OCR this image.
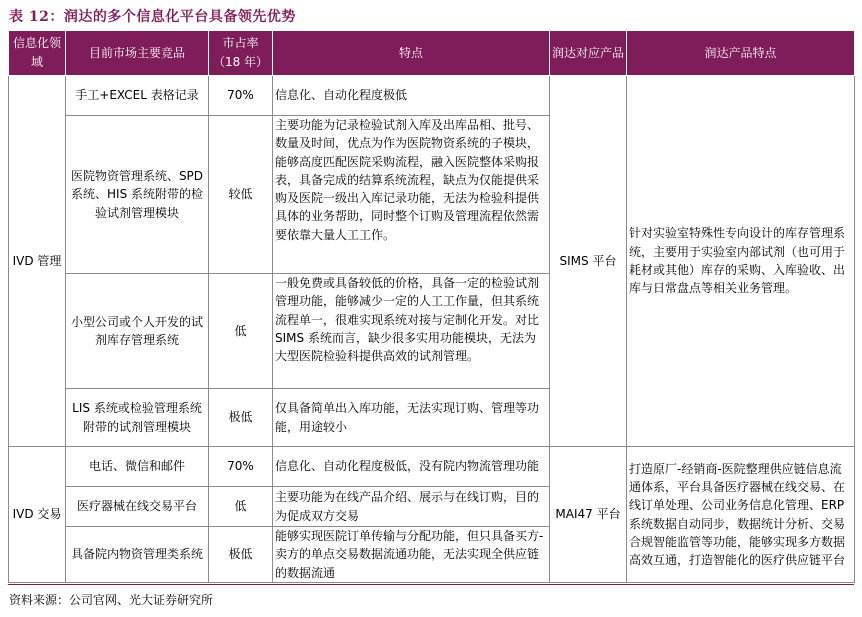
表 12：润达的多个信息化平台具备领先优势
信息化领域	目前市场主要竞品	市占率（18 年）	特点	润达对应产品	润达产品特点
IVD 管理	手工+EXCEL 表格记录	70%	信息化、自动化程度极低	SIMS 平台	针对实验室特殊性专向设计的库存管理系统，主要用于实验室内部试剂（也可用于耗材或其他）库存的采购、入库验收、出库与日常盘点等相关业务管理。
	医院物资管理系统、SPD 系统、HIS 系统附带的检验试剂管理模块	较低	主要功能为记录检验试剂入库及出库品相、批号、数量及时间，优点为作为医院物资系统的子模块，能够高度匹配医院采购流程，融入医院整体采购报表，具备完成的结算系统流程，缺点为仅能提供采购及医院一级出入库记录功能，无法为检验科提供具体的业务帮助，同时整个订购及管理流程依然需要依靠大量人工工作。		
	小型公司或个人开发的试剂库存管理系统	低	一般免费或具备较低的价格，具备一定的检验试剂管理功能，能够减少一定的人工工作量，但其系统流程单一，很难实现系统对接与定制化开发。对比 SIMS 系统而言，缺少很多实用功能模块，无法为大型医院检验科提供高效的试剂管理。		
	LIS 系统或检验管理系统附带的试剂管理模块	极低	仅具备简单出入库功能，无法实现订购、管理等功能，用途较小		
IVD 交易	电话、微信和邮件	70%	信息化、自动化程度极低，没有院内物流管理功能	MAI47 平台	打造原厂-经销商-医院整理供应链信息流通体系，平台具备医疗器械在线交易、在线订单处理、公司业务信息化管理、ERP 系统数据自动同步，数据统计分析、交易合规智能监管等功能，能够实现多方数据高效互通，打造智能化的医疗供应链平台
	医疗器械在线交易平台	低	主要功能为在线产品介绍、展示与在线订购，目的为促成双方交易		
	具备院内物资管理类系统	极低	能够实现医院订单传输与分配功能，但只具备买方-卖方的单点交易数据流通功能，无法实现全供应链的数据流通		
资料来源：公司官网、光大证券研究所
